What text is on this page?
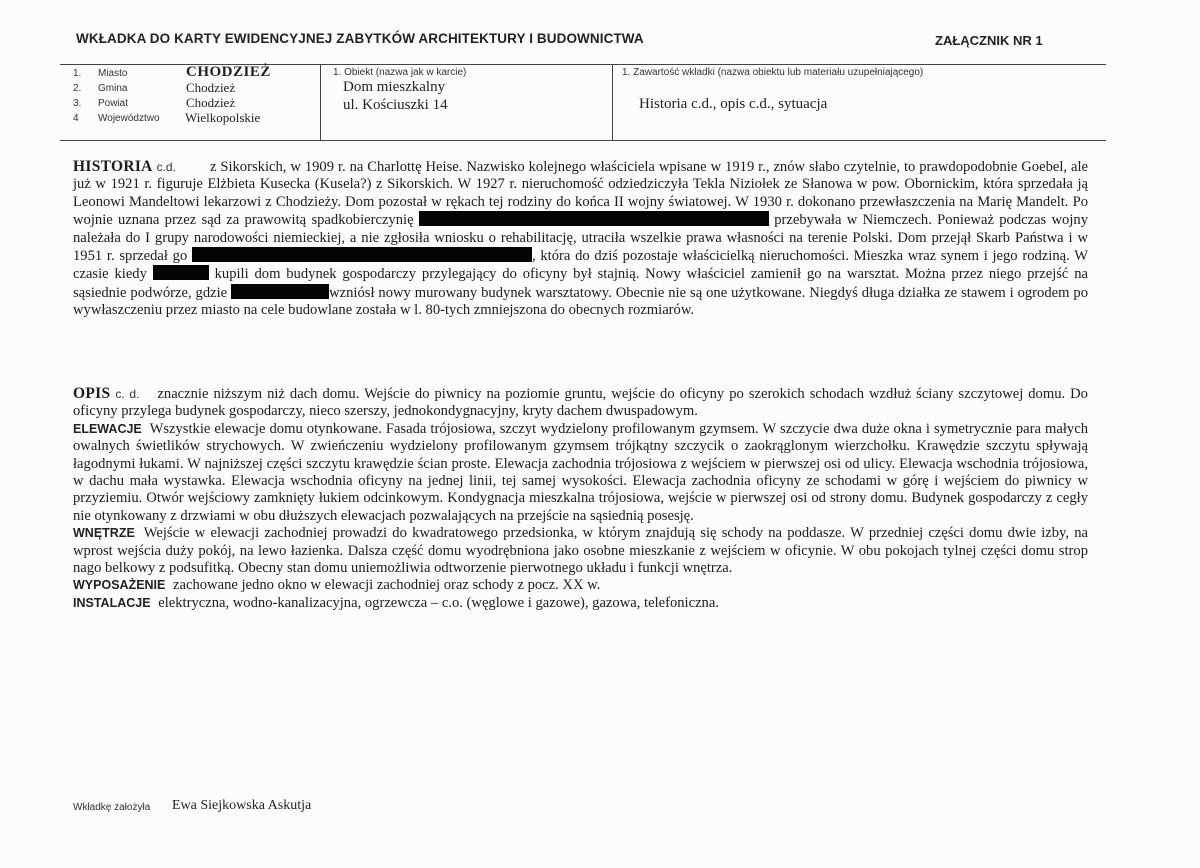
WKŁADKA DO KARTY EWIDENCYJNEJ ZABYTKÓW ARCHITEKTURY I BUDOWNICTWA	ZAŁĄCZNIK NR 1
1. Miasto	CHODZIEŻ
2. Gmina	Chodzież
3. Powiat	Chodzież
4 Województwo Wielkopolskie
1. Obiekt (nazwa jak w karcie)
Dom mieszkalny
ul. Kościuszki 14
1. Zawartość wkładki (nazwa obiektu lub materiału uzupełniającego)
Historia c.d., opis c.d., sytuacja

HISTORIA c.d. z Sikorskich, w 1909 r. na Charlottę Heise. Nazwisko kolejnego właściciela wpisane w 1919 r., znów słabo czytelnie, to prawdopodobnie Goebel, ale już w 1921 r. figuruje Elżbieta Kusecka (Kusela?) z Sikorskich. W 1927 r. nieruchomość odziedziczyła Tekla Niziołek ze Słanowa w pow. Obornickim, która sprzedała ją Leonowi Mandeltowi lekarzowi z Chodzieży. Dom pozostał w rękach tej rodziny do końca II wojny światowej. W 1930 r. dokonano przewłaszczenia na Marię Mandelt. Po wojnie uznana przez sąd za prawowitą spadkobierczynię	przebywała w Niemczech. Ponieważ podczas wojny należała do I grupy narodowości niemieckiej, a nie zgłosiła wniosku o rehabilitację, utraciła wszelkie prawa własności na terenie Polski. Dom przejął Skarb Państwa i w 1951 r. sprzedał go	, która do dziś pozostaje właścicielką nieruchomości. Mieszka wraz synem i jego rodziną. W czasie kiedy	kupili dom budynek gospodarczy przylegający do oficyny był stajnią. Nowy właściciel zamienił go na warsztat. Można przez niego przejść na sąsiednie podwórze, gdzie	wzniósł nowy murowany budynek warsztatowy. Obecnie nie są one użytkowane. Niegdyś długa działka ze stawem i ogrodem po wywłaszczeniu przez miasto na cele budowlane została w l. 80-tych zmniejszona do obecnych rozmiarów.

OPIS c. d. znacznie niższym niż dach domu. Wejście do piwnicy na poziomie gruntu, wejście do oficyny po szerokich schodach wzdłuż ściany szczytowej domu. Do oficyny przylega budynek gospodarczy, nieco szerszy, jednokondygnacyjny, kryty dachem dwuspadowym.

ELEWACJE Wszystkie elewacje domu otynkowane. Fasada trójosiowa, szczyt wydzielony profilowanym gzymsem. W szczycie dwa duże okna i symetrycznie para małych owalnych świetlików strychowych. W zwieńczeniu wydzielony profilowanym gzymsem trójkątny szczycik o zaokrąglonym wierzchołku. Krawędzie szczytu spływają łagodnymi łukami. W najniższej części szczytu krawędzie ścian proste. Elewacja zachodnia trójosiowa z wejściem w pierwszej osi od ulicy. Elewacja wschodnia trójosiowa, w dachu mała wystawka. Elewacja wschodnia oficyny na jednej linii, tej samej wysokości. Elewacja zachodnia oficyny ze schodami w górę i wejściem do piwnicy w przyziemiu. Otwór wejściowy zamknięty łukiem odcinkowym. Kondygnacja mieszkalna trójosiowa, wejście w pierwszej osi od strony domu. Budynek gospodarczy z cegły nie otynkowany z drzwiami w obu dłuższych elewacjach pozwalających na przejście na sąsiednią posesję.

WNĘTRZE Wejście w elewacji zachodniej prowadzi do kwadratowego przedsionka, w którym znajdują się schody na poddasze. W przedniej części domu dwie izby, na wprost wejścia duży pokój, na lewo łazienka. Dalsza część domu wyodrębniona jako osobne mieszkanie z wejściem w oficynie. W obu pokojach tylnej części domu strop nago belkowy z podsufitką. Obecny stan domu uniemożliwia odtworzenie pierwotnego układu i funkcji wnętrza.

WYPOSAŻENIE zachowane jedno okno w elewacji zachodniej oraz schody z pocz. XX w.

INSTALACJE elektryczna, wodno-kanalizacyjna, ogrzewcza – c.o. (węglowe i gazowe), gazowa, telefoniczna.

Wkładkę założyła Ewa Siejkowska Askutja
